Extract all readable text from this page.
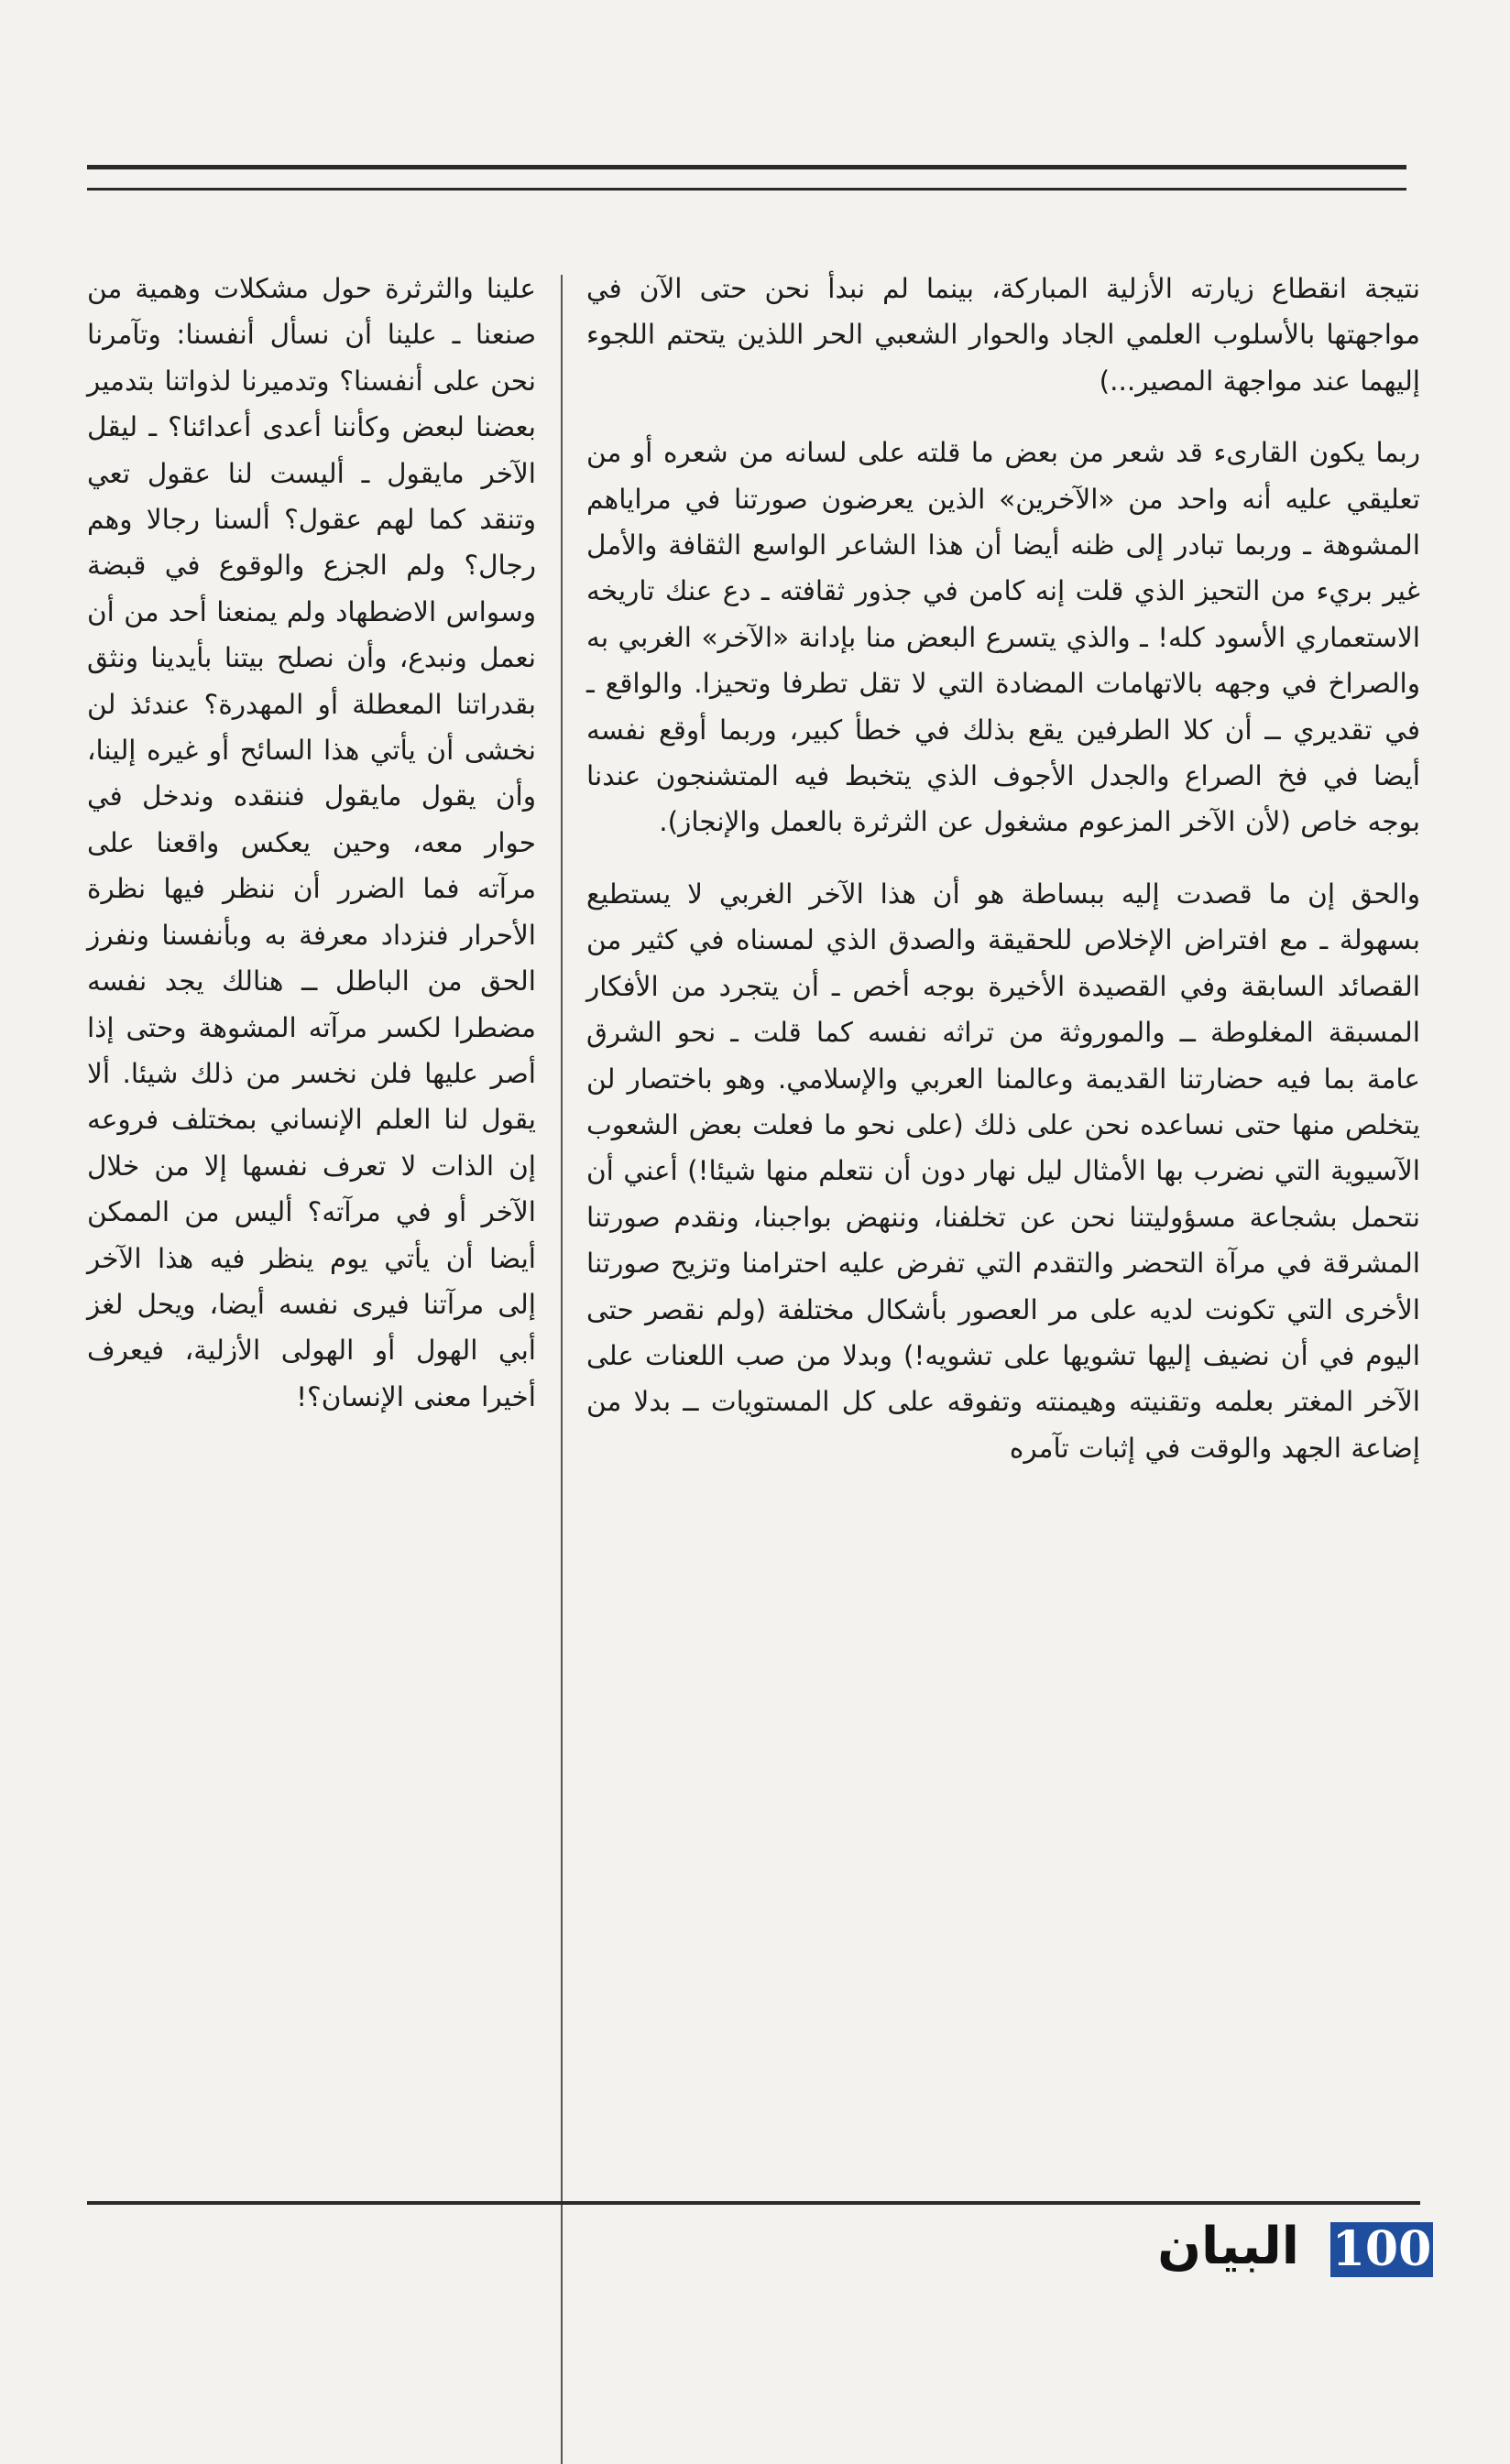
نتيجة انقطاع زيارته الأزلية المباركة، بينما لم نبدأ نحن حتى الآن في مواجهتها بالأسلوب العلمي الجاد والحوار الشعبي الحر اللذين يتحتم اللجوء إليهما عند مواجهة المصير...)

ربما يكون القارىء قد شعر من بعض ما قلته على لسانه من شعره أو من تعليقي عليه أنه واحد من «الآخرين» الذين يعرضون صورتنا في مراياهم المشوهة ـ وربما تبادر إلى ظنه أيضا أن هذا الشاعر الواسع الثقافة والأمل غير بريء من التحيز الذي قلت إنه كامن في جذور ثقافته ـ دع عنك تاريخه الاستعماري الأسود كله! ـ والذي يتسرع البعض منا بإدانة «الآخر» الغربي به والصراخ في وجهه بالاتهامات المضادة التي لا تقل تطرفا وتحيزا. والواقع ـ في تقديري ــ أن كلا الطرفين يقع بذلك في خطأ كبير، وربما أوقع نفسه أيضا في فخ الصراع والجدل الأجوف الذي يتخبط فيه المتشنجون عندنا بوجه خاص (لأن الآخر المزعوم مشغول عن الثرثرة بالعمل والإنجاز).

والحق إن ما قصدت إليه ببساطة هو أن هذا الآخر الغربي لا يستطيع بسهولة ـ مع افتراض الإخلاص للحقيقة والصدق الذي لمسناه في كثير من القصائد السابقة وفي القصيدة الأخيرة بوجه أخص ـ أن يتجرد من الأفكار المسبقة المغلوطة ــ والموروثة من تراثه نفسه كما قلت ـ نحو الشرق عامة بما فيه حضارتنا القديمة وعالمنا العربي والإسلامي. وهو باختصار لن يتخلص منها حتى نساعده نحن على ذلك (على نحو ما فعلت بعض الشعوب الآسيوية التي نضرب بها الأمثال ليل نهار دون أن نتعلم منها شيئا!) أعني أن نتحمل بشجاعة مسؤوليتنا نحن عن تخلفنا، وننهض بواجبنا، ونقدم صورتنا المشرقة في مرآة التحضر والتقدم التي تفرض عليه احترامنا وتزيح صورتنا الأخرى التي تكونت لديه على مر العصور بأشكال مختلفة (ولم نقصر حتى اليوم في أن نضيف إليها تشويها على تشويه!) وبدلا من صب اللعنات على الآخر المغتر بعلمه وتقنيته وهيمنته وتفوقه على كل المستويات ــ بدلا من إضاعة الجهد والوقت في إثبات تآمره

علينا والثرثرة حول مشكلات وهمية من صنعنا ـ علينا أن نسأل أنفسنا: وتآمرنا نحن على أنفسنا؟ وتدميرنا لذواتنا بتدمير بعضنا لبعض وكأننا أعدى أعدائنا؟ ـ ليقل الآخر مايقول ـ أليست لنا عقول تعي وتنقد كما لهم عقول؟ ألسنا رجالا وهم رجال؟ ولم الجزع والوقوع في قبضة وسواس الاضطهاد ولم يمنعنا أحد من أن نعمل ونبدع، وأن نصلح بيتنا بأيدينا ونثق بقدراتنا المعطلة أو المهدرة؟ عندئذ لن نخشى أن يأتي هذا السائح أو غيره إلينا، وأن يقول مايقول فننقده وندخل في حوار معه، وحين يعكس واقعنا على مرآته فما الضرر أن ننظر فيها نظرة الأحرار فنزداد معرفة به وبأنفسنا ونفرز الحق من الباطل ــ هنالك يجد نفسه مضطرا لكسر مرآته المشوهة وحتى إذا أصر عليها فلن نخسر من ذلك شيئا. ألا يقول لنا العلم الإنساني بمختلف فروعه إن الذات لا تعرف نفسها إلا من خلال الآخر أو في مرآته؟ أليس من الممكن أيضا أن يأتي يوم ينظر فيه هذا الآخر إلى مرآتنا فيرى نفسه أيضا، ويحل لغز أبي الهول أو الهولى الأزلية، فيعرف أخيرا معنى الإنسان؟!

البيان 100
